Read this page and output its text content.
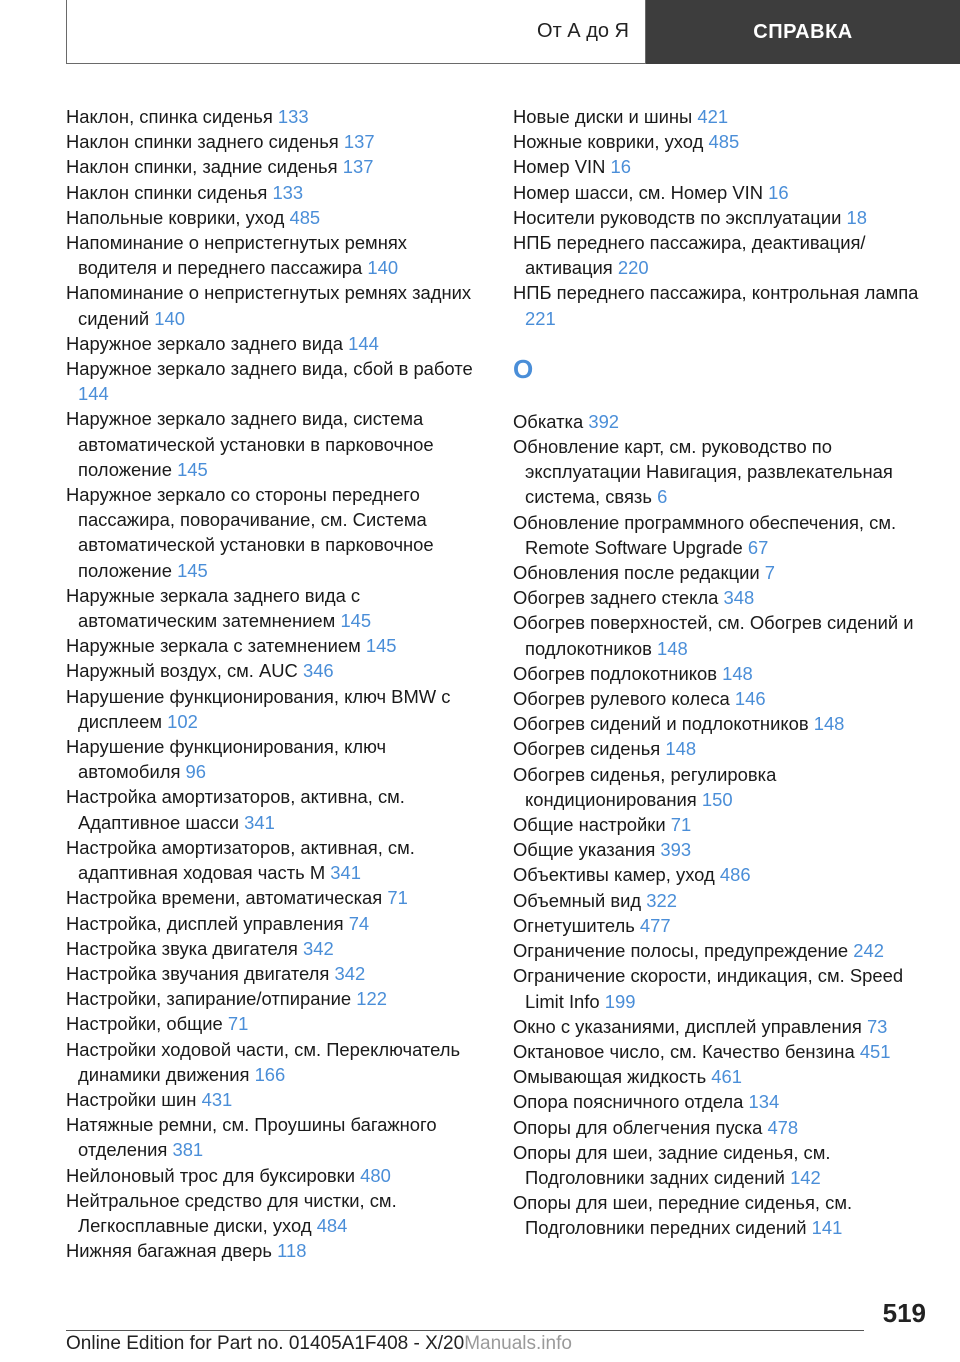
От А до Я	СПРАВКА
Наклон, спинка сиденья 133
Наклон спинки заднего сиденья 137
Наклон спинки, задние сиденья 137
Наклон спинки сиденья 133
Напольные коврики, уход 485
Напоминание о непристегнутых ремнях водителя и переднего пассажира 140
Напоминание о непристегнутых ремнях задних сидений 140
Наружное зеркало заднего вида 144
Наружное зеркало заднего вида, сбой в работе 144
Наружное зеркало заднего вида, система автоматической установки в парковочное положение 145
Наружное зеркало со стороны переднего пассажира, поворачивание, см. Система автоматической установки в парковочное положение 145
Наружные зеркала заднего вида с автоматическим затемнением 145
Наружные зеркала с затемнением 145
Наружный воздух, см. AUC 346
Нарушение функционирования, ключ BMW с дисплеем 102
Нарушение функционирования, ключ автомобиля 96
Настройка амортизаторов, активна, см. Адаптивное шасси 341
Настройка амортизаторов, активная, см. адаптивная ходовая часть M 341
Настройка времени, автоматическая 71
Настройка, дисплей управления 74
Настройка звука двигателя 342
Настройка звучания двигателя 342
Настройки, запирание/отпирание 122
Настройки, общие 71
Настройки ходовой части, см. Переключатель динамики движения 166
Настройки шин 431
Натяжные ремни, см. Проушины багажного отделения 381
Нейлоновый трос для буксировки 480
Нейтральное средство для чистки, см. Легкосплавные диски, уход 484
Нижняя багажная дверь 118
Новые диски и шины 421
Ножные коврики, уход 485
Номер VIN 16
Номер шасси, см. Номер VIN 16
Носители руководств по эксплуатации 18
НПБ переднего пассажира, деактивация/активация 220
НПБ переднего пассажира, контрольная лампа 221
О
Обкатка 392
Обновление карт, см. руководство по эксплуатации Навигация, развлекательная система, связь 6
Обновление программного обеспечения, см. Remote Software Upgrade 67
Обновления после редакции 7
Обогрев заднего стекла 348
Обогрев поверхностей, см. Обогрев сидений и подлокотников 148
Обогрев подлокотников 148
Обогрев рулевого колеса 146
Обогрев сидений и подлокотников 148
Обогрев сиденья 148
Обогрев сиденья, регулировка кондиционирования 150
Общие настройки 71
Общие указания 393
Объективы камер, уход 486
Объемный вид 322
Огнетушитель 477
Ограничение полосы, предупреждение 242
Ограничение скорости, индикация, см. Speed Limit Info 199
Окно с указаниями, дисплей управления 73
Октановое число, см. Качество бензина 451
Омывающая жидкость 461
Опора поясничного отдела 134
Опоры для облегчения пуска 478
Опоры для шеи, задние сиденья, см. Подголовники задних сидений 142
Опоры для шеи, передние сиденья, см. Подголовники передних сидений 141
519
Online Edition for Part no. 01405A1F408 - X/20Manuals.info
